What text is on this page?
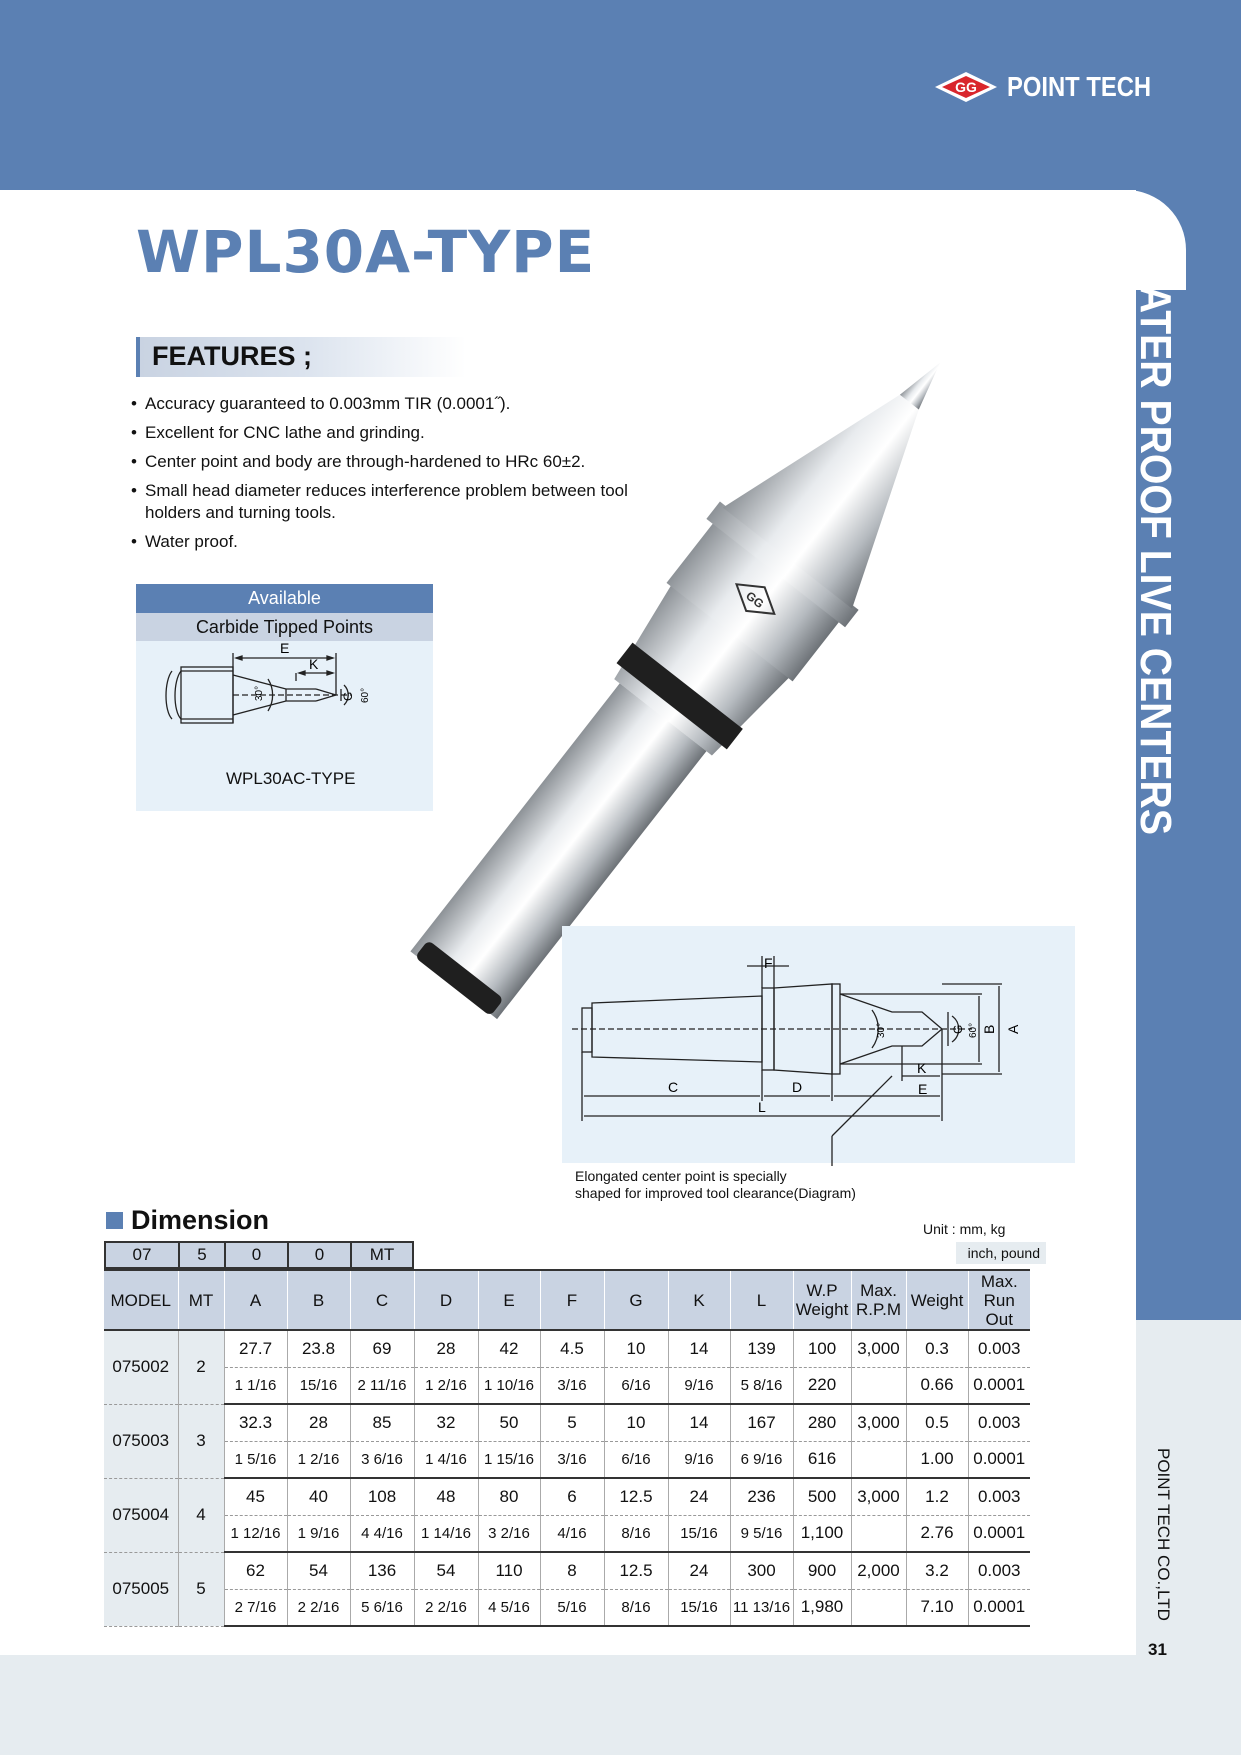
GG POINT TECH
WATER PROOF LIVE CENTERS
POINT TECH CO.,LTD
31
WPL30A-TYPE
FEATURES ;
• Accuracy guaranteed to 0.003mm TIR (0.0001˝).
• Excellent for CNC lathe and grinding.
• Center point and body are through-hardened to HRc 60±2.
• Small head diameter reduces interference problem between tool holders and turning tools.
• Water proof.
Available
Carbide Tipped Points
E
K
30°	G 60°
WPL30AC-TYPE
GG
F
C	D	E
K
L
A
B
G
30°	60°
Elongated center point is specially
shaped for improved tool clearance(Diagram)
Dimension	Unit : mm, kg
inch, pound
07	5	0	0	MT
MODEL	MT	A	B	C	D	E	F	G	K	L	W.P Weight	Max. R.P.M	Weight	Max. Run Out
075002	2	27.7	23.8	69	28	42	4.5	10	14	139	100	3,000	0.3	0.003
		1 1/16	15/16	2 11/16	1 2/16	1 10/16	3/16	6/16	9/16	5 8/16	220		0.66	0.0001
075003	3	32.3	28	85	32	50	5	10	14	167	280	3,000	0.5	0.003
		1 5/16	1 2/16	3 6/16	1 4/16	1 15/16	3/16	6/16	9/16	6 9/16	616		1.00	0.0001
075004	4	45	40	108	48	80	6	12.5	24	236	500	3,000	1.2	0.003
		1 12/16	1 9/16	4 4/16	1 14/16	3 2/16	4/16	8/16	15/16	9 5/16	1,100		2.76	0.0001
075005	5	62	54	136	54	110	8	12.5	24	300	900	2,000	3.2	0.003
		2 7/16	2 2/16	5 6/16	2 2/16	4 5/16	5/16	8/16	15/16	11 13/16	1,980		7.10	0.0001
